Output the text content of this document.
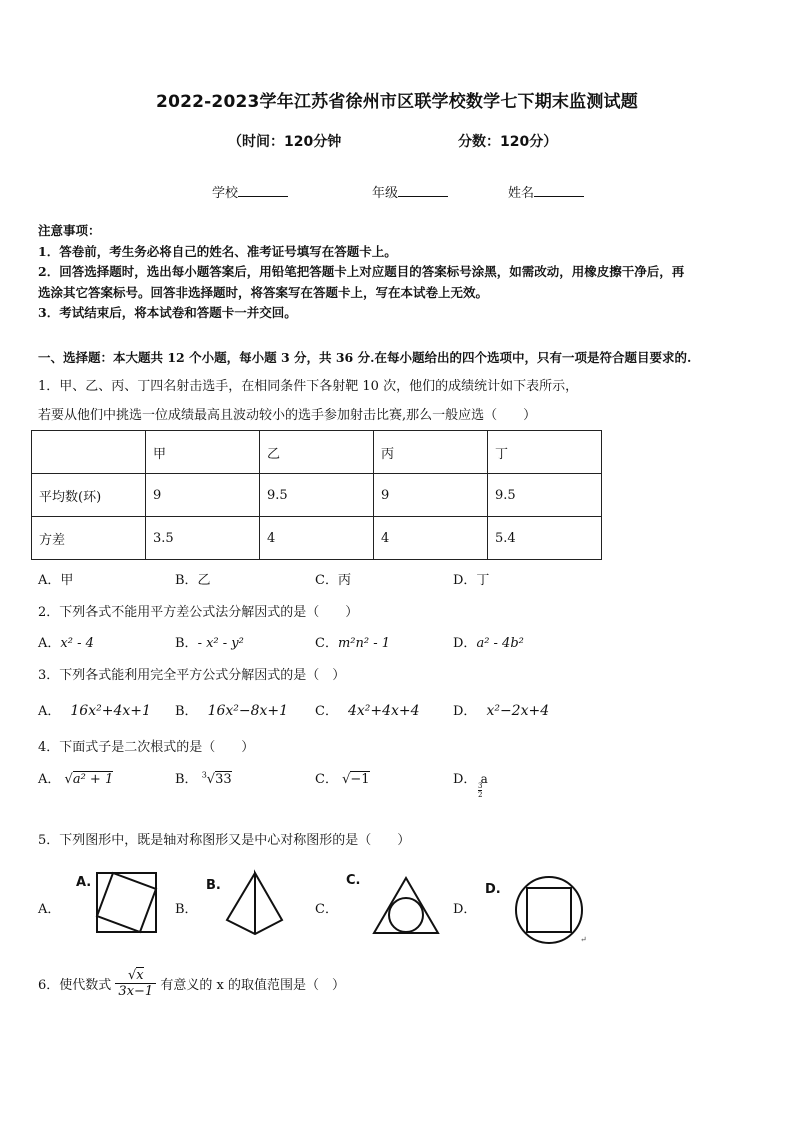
2022-2023学年江苏省徐州市区联学校数学七下期末监测试题
（时间：120分钟	分数：120分）
学校	年级	姓名
注意事项：
1．答卷前，考生务必将自己的姓名、准考证号填写在答题卡上。
2．回答选择题时，选出每小题答案后，用铅笔把答题卡上对应题目的答案标号涂黑，如需改动，用橡皮擦干净后，再
选涂其它答案标号。回答非选择题时，将答案写在答题卡上，写在本试卷上无效。
3．考试结束后，将本试卷和答题卡一并交回。
一、选择题：本大题共 12 个小题，每小题 3 分，共 36 分.在每小题给出的四个选项中，只有一项是符合题目要求的.
1．甲、乙、丙、丁四名射击选手，在相同条件下各射靶 10 次，他们的成绩统计如下表所示，
若要从他们中挑选一位成绩最高且波动较小的选手参加射击比赛,那么一般应选（　　）
	甲	乙	丙	丁
平均数(环)	9	9.5	9	9.5
方差	3.5	4	4	5.4
A．甲	B．乙	C．丙	D．丁
2．下列各式不能用平方差公式法分解因式的是（　　）
A．x² - 4	B．- x² - y²	C．m²n² - 1	D．a² - 4b²
3．下列各式能利用完全平方公式分解因式的是（　）
A． 16x²+4x+1 B． 16x²−8x+1 C． 4x²+4x+4	D． x²−2x+4
4．下面式子是二次根式的是（　　）
A． √a² + 1	B． $^3$√33	C． √−1	D． a
$\frac{3}{2}$
5．下列图形中，既是轴对称图形又是中心对称图形的是（　　）
A．
A.
B．
B.
C．
C.
D．
D.
↵
6．使代数式 $\frac{√x}{3x-1}$ 有意义的 x 的取值范围是（　）
